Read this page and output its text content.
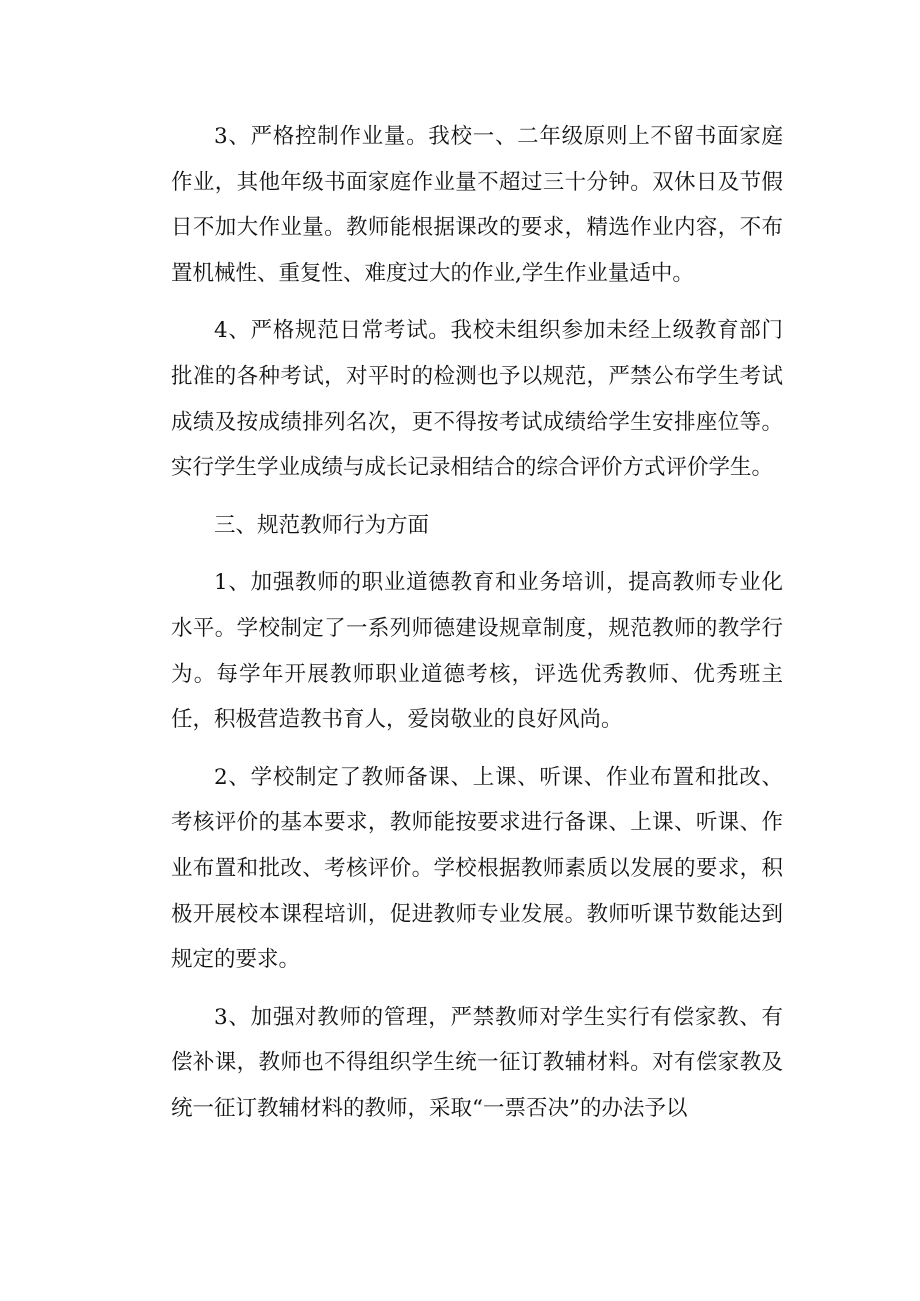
3、严格控制作业量。我校一、二年级原则上不留书面家庭作业，其他年级书面家庭作业量不超过三十分钟。双休日及节假日不加大作业量。教师能根据课改的要求，精选作业内容，不布置机械性、重复性、难度过大的作业,学生作业量适中。

4、严格规范日常考试。我校未组织参加未经上级教育部门批准的各种考试，对平时的检测也予以规范，严禁公布学生考试成绩及按成绩排列名次，更不得按考试成绩给学生安排座位等。实行学生学业成绩与成长记录相结合的综合评价方式评价学生。

三、规范教师行为方面

1、加强教师的职业道德教育和业务培训，提高教师专业化水平。学校制定了一系列师德建设规章制度，规范教师的教学行为。每学年开展教师职业道德考核，评选优秀教师、优秀班主任，积极营造教书育人，爱岗敬业的良好风尚。

2、学校制定了教师备课、上课、听课、作业布置和批改、考核评价的基本要求，教师能按要求进行备课、上课、听课、作业布置和批改、考核评价。学校根据教师素质以发展的要求，积极开展校本课程培训，促进教师专业发展。教师听课节数能达到规定的要求。

3、加强对教师的管理，严禁教师对学生实行有偿家教、有偿补课，教师也不得组织学生统一征订教辅材料。对有偿家教及统一征订教辅材料的教师，采取“一票否决”的办法予以
